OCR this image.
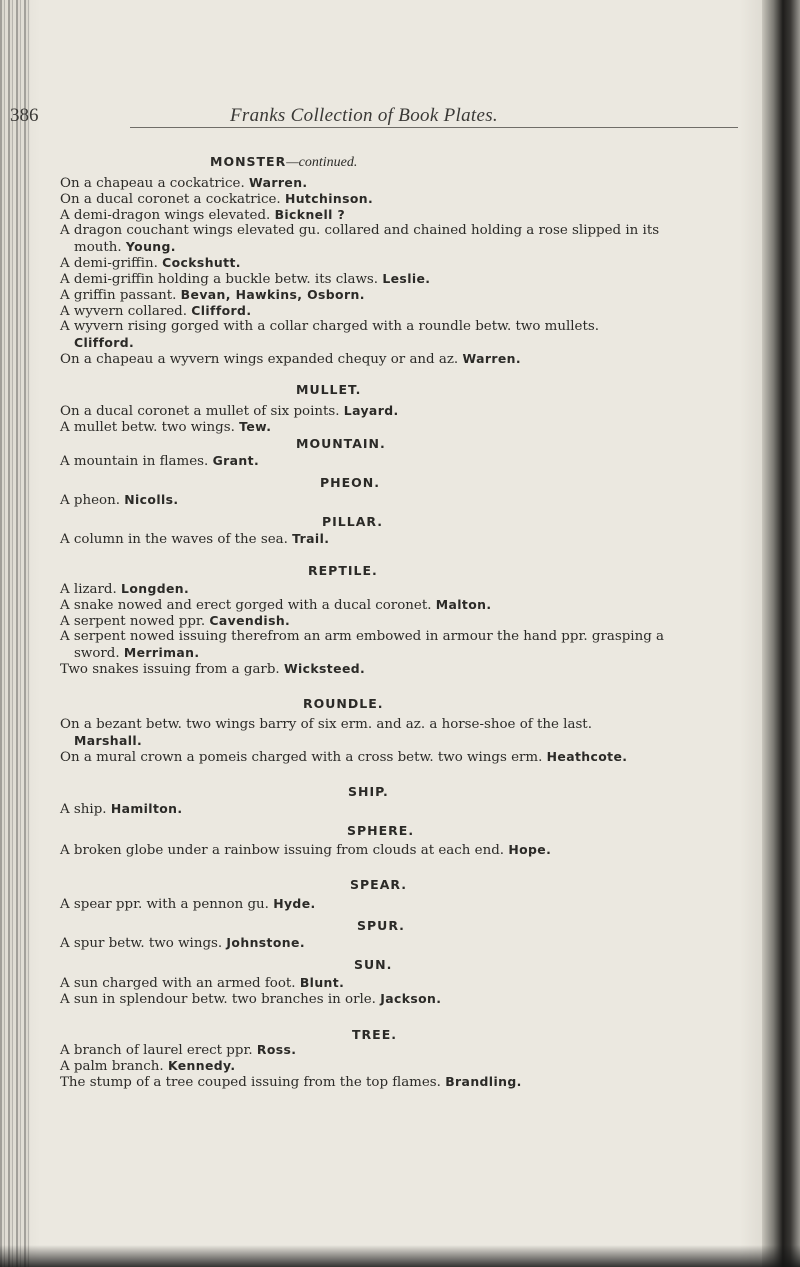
386	Franks Collection of Book Plates.
MONSTER—continued.
On a chapeau a cockatrice. Warren.
On a ducal coronet a cockatrice. Hutchinson.
A demi-dragon wings elevated. Bicknell ?
A dragon couchant wings elevated gu. collared and chained holding a rose slipped in its
mouth. Young.
A demi-griffin. Cockshutt.
A demi-griffin holding a buckle betw. its claws. Leslie.
A griffin passant. Bevan, Hawkins, Osborn.
A wyvern collared. Clifford.
A wyvern rising gorged with a collar charged with a roundle betw. two mullets.
Clifford.
On a chapeau a wyvern wings expanded chequy or and az. Warren.
MULLET.
On a ducal coronet a mullet of six points. Layard.
A mullet betw. two wings. Tew.
MOUNTAIN.
A mountain in flames. Grant.
PHEON.
A pheon. Nicolls.
PILLAR.
A column in the waves of the sea. Trail.
REPTILE.
A lizard. Longden.
A snake nowed and erect gorged with a ducal coronet. Malton.
A serpent nowed ppr. Cavendish.
A serpent nowed issuing therefrom an arm embowed in armour the hand ppr. grasping a
sword. Merriman.
Two snakes issuing from a garb. Wicksteed.
ROUNDLE.
On a bezant betw. two wings barry of six erm. and az. a horse-shoe of the last.
Marshall.
On a mural crown a pomeis charged with a cross betw. two wings erm. Heathcote.
SHIP.
A ship. Hamilton.
SPHERE.
A broken globe under a rainbow issuing from clouds at each end. Hope.
SPEAR.
A spear ppr. with a pennon gu. Hyde.
SPUR.
A spur betw. two wings. Johnstone.
SUN.
A sun charged with an armed foot. Blunt.
A sun in splendour betw. two branches in orle. Jackson.
TREE.
A branch of laurel erect ppr. Ross.
A palm branch. Kennedy.
The stump of a tree couped issuing from the top flames. Brandling.
